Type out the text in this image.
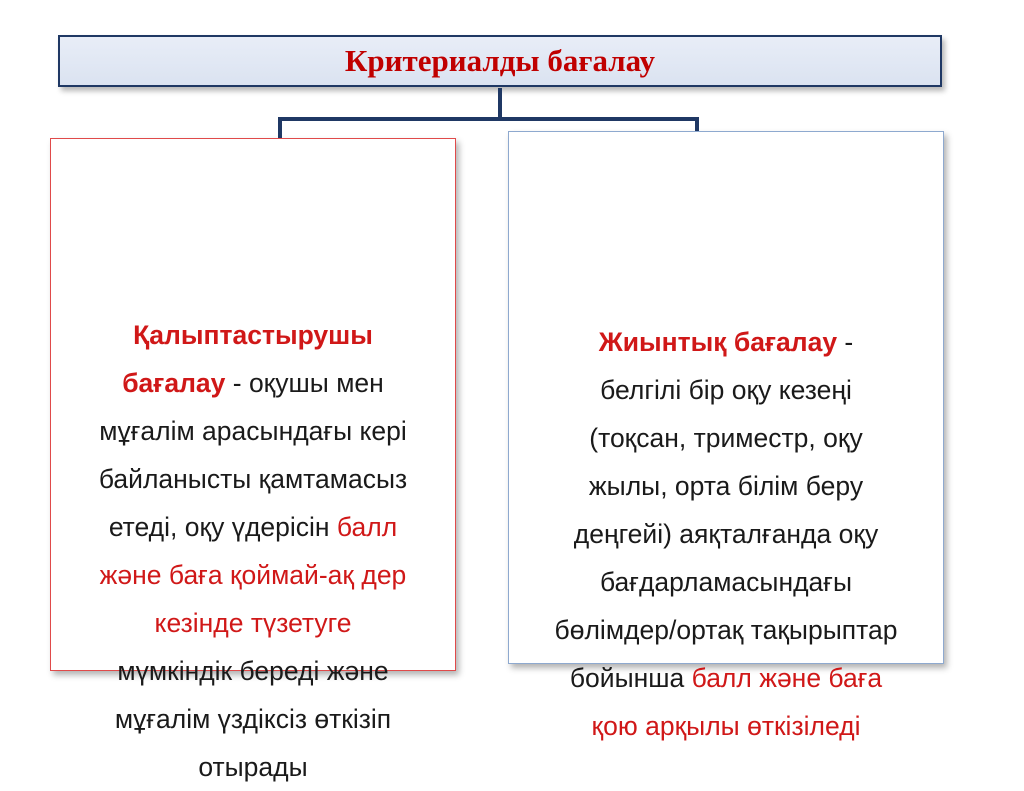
Критериалды бағалау
Қалыптастырушы
бағалау - оқушы мен
мұғалім арасындағы кері
байланысты қамтамасыз
етеді, оқу үдерісін балл
және баға қоймай-ақ дер
кезінде түзетуге
мүмкіндік береді және
мұғалім үздіксіз өткізіп
отырады
Жиынтық бағалау -
белгілі бір оқу кезеңі
(тоқсан, триместр, оқу
жылы, орта білім беру
деңгейі) аяқталғанда оқу
бағдарламасындағы
бөлімдер/ортақ тақырыптар
бойынша балл және баға
қою арқылы өткізіледі
